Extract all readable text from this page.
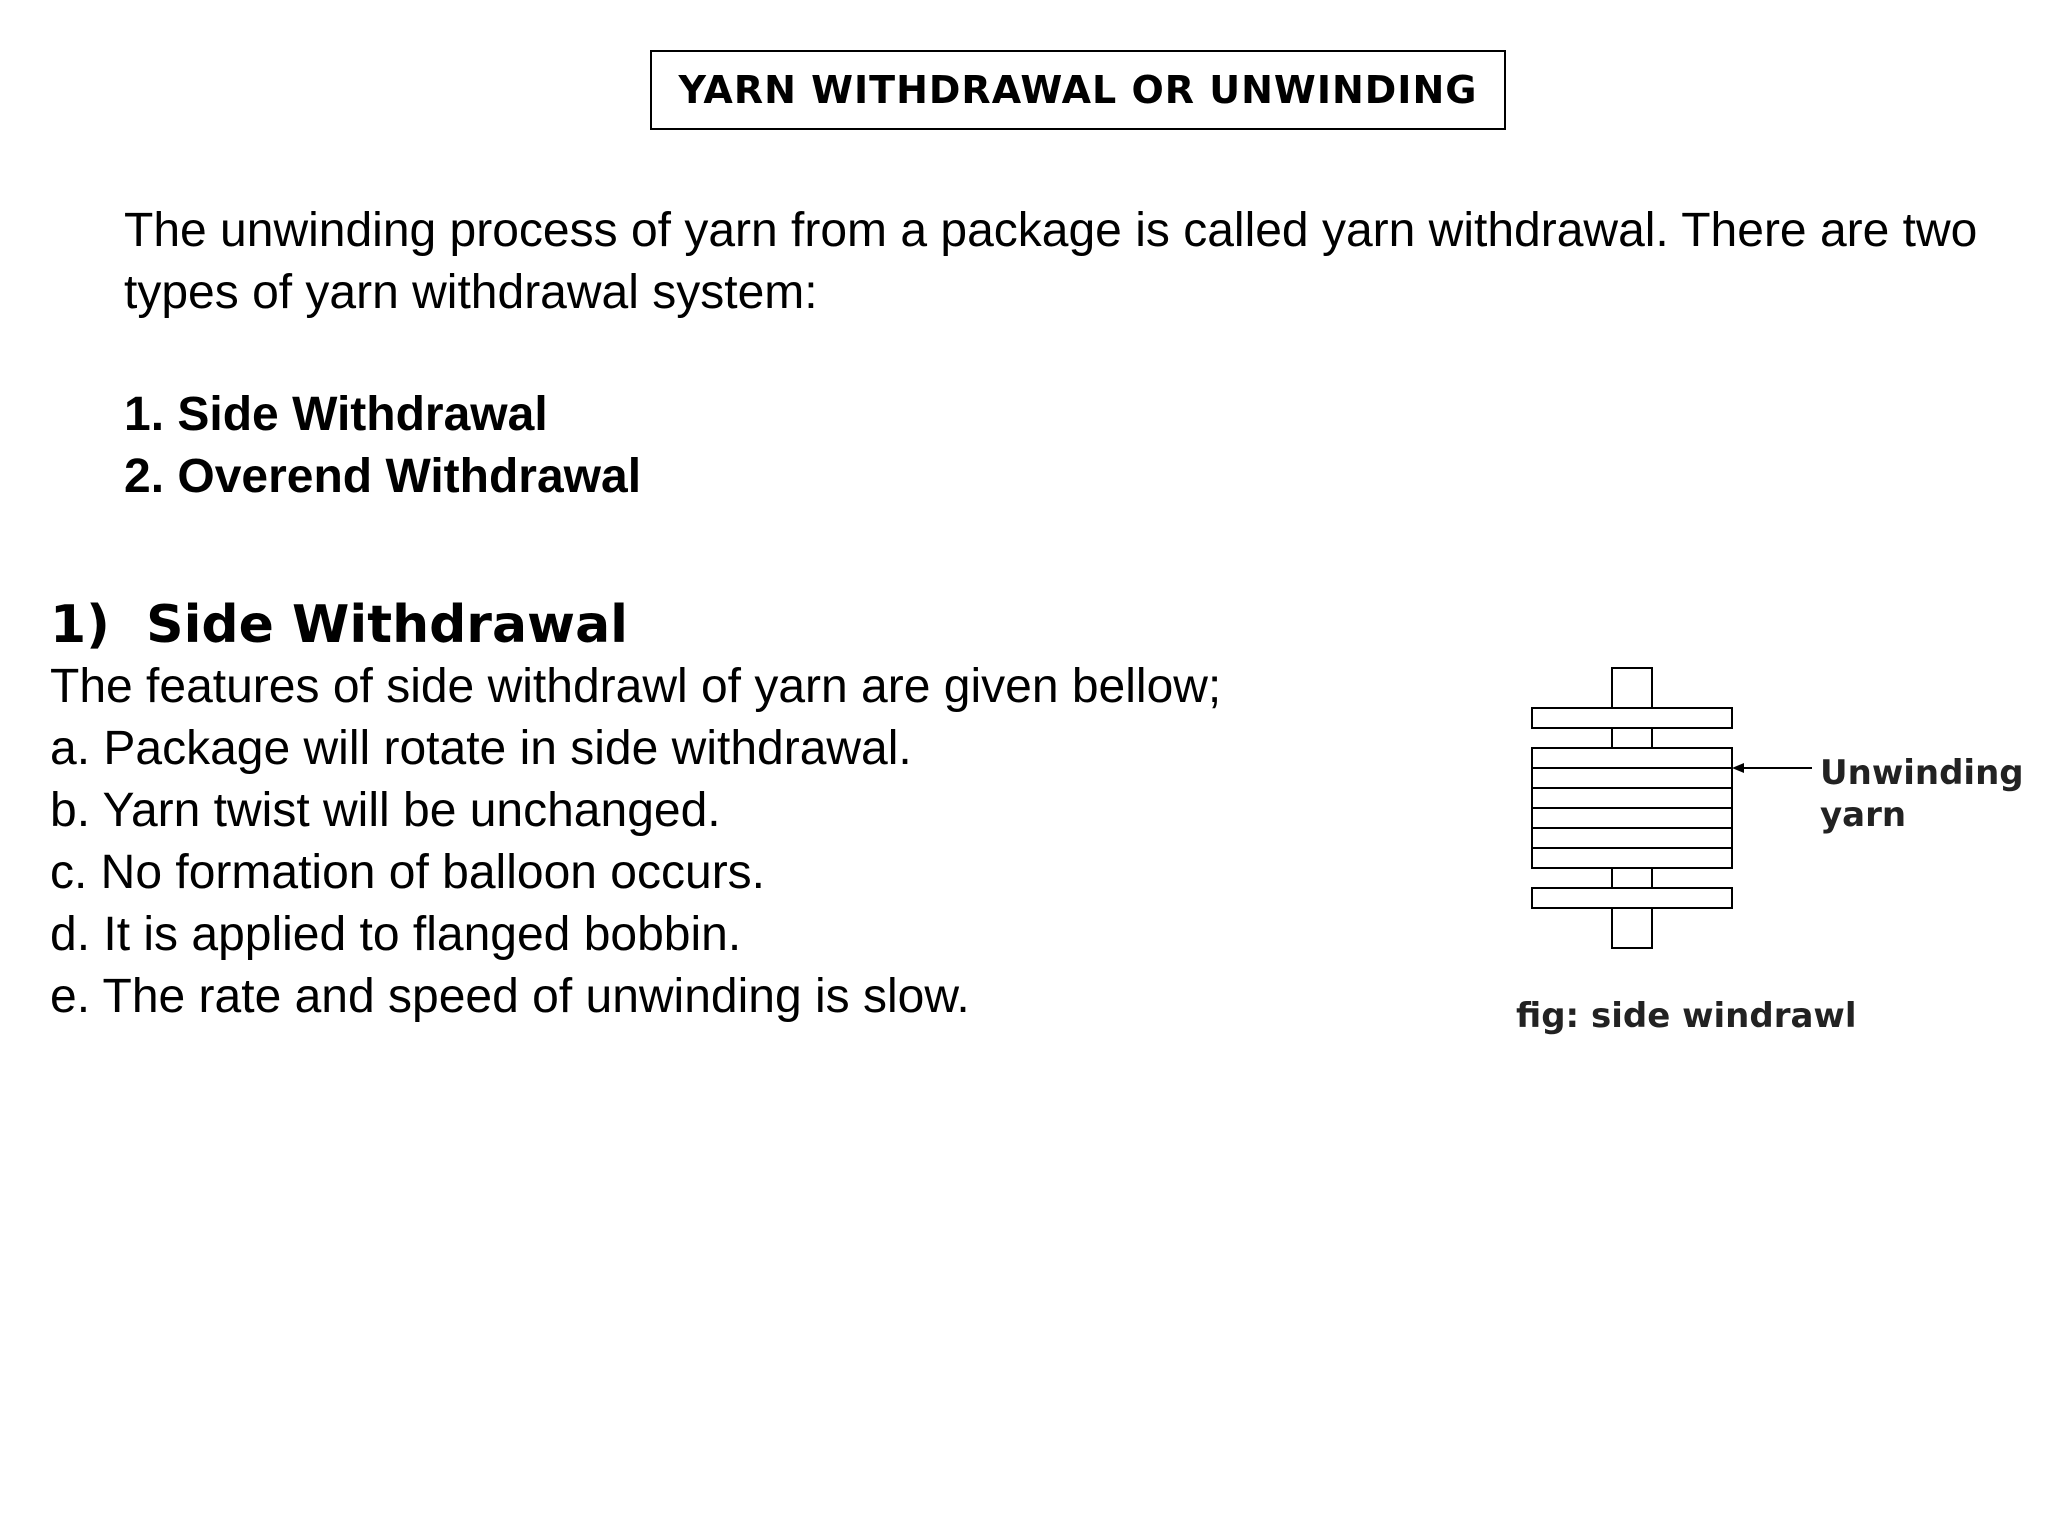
YARN WITHDRAWAL OR UNWINDING
The unwinding process of yarn from a package is called yarn withdrawal. There are two types of yarn withdrawal system:
1. Side Withdrawal
2. Overend Withdrawal
1)  Side Withdrawal
The features of side withdrawl of yarn are given bellow;
a. Package will rotate in side withdrawal.
b. Yarn twist will be unchanged.
c. No formation of balloon occurs.
d. It is applied to flanged bobbin.
e. The rate and speed of unwinding is slow.
Unwinding
yarn
fig: side windrawl
